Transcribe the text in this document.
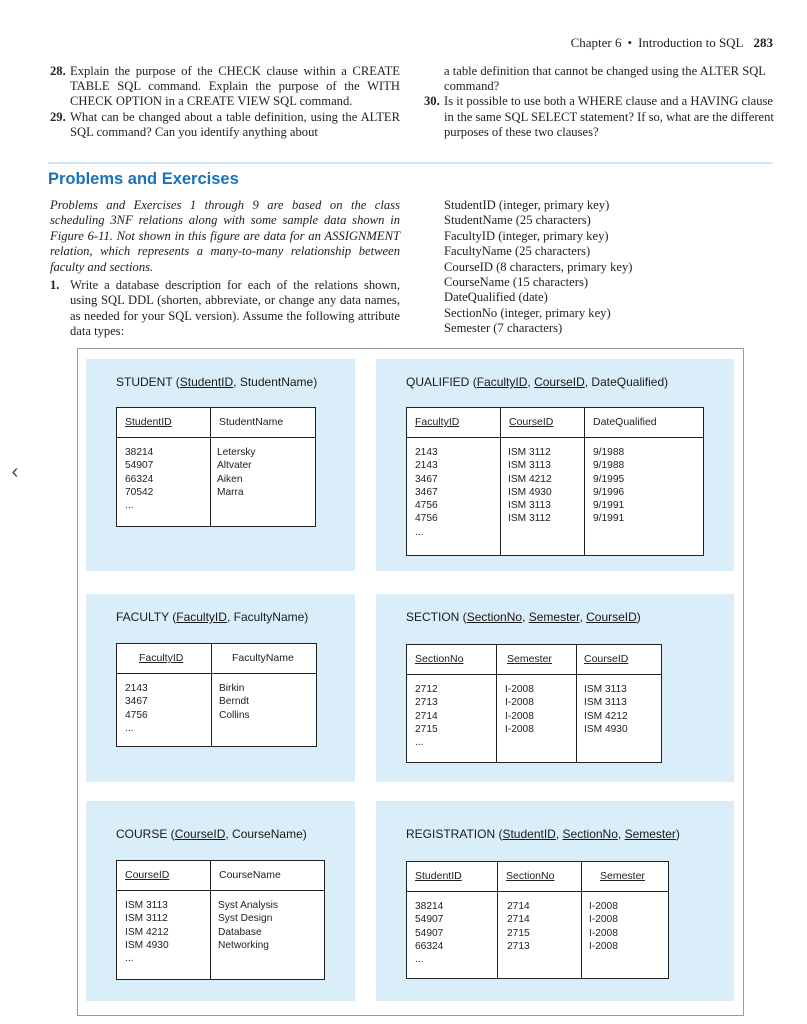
Chapter 6 • Introduction to SQL 283

28. Explain the purpose of the CHECK clause within a CREATE TABLE SQL command. Explain the purpose of the WITH CHECK OPTION in a CREATE VIEW SQL command.

29. What can be changed about a table definition, using the ALTER SQL command? Can you identify anything about

a table definition that cannot be changed using the ALTER SQL command?

30. Is it possible to use both a WHERE clause and a HAVING clause in the same SQL SELECT statement? If so, what are the different purposes of these two clauses?

Problems and Exercises
Problems and Exercises 1 through 9 are based on the class scheduling 3NF relations along with some sample data shown in Figure 6-11. Not shown in this figure are data for an ASSIGNMENT relation, which represents a many-to-many relationship between faculty and sections.

1. Write a database description for each of the relations shown, using SQL DDL (shorten, abbreviate, or change any data names, as needed for your SQL version). Assume the following attribute data types:

StudentID (integer, primary key)
StudentName (25 characters)
FacultyID (integer, primary key)
FacultyName (25 characters)
CourseID (8 characters, primary key)
CourseName (15 characters)
DateQualified (date)
SectionNo (integer, primary key)
Semester (7 characters)
STUDENT (StudentID, StudentName)
StudentID
38214
54907
66324
70542
...
StudentName
Letersky
Altvater
Aiken
Marra
QUALIFIED (FacultyID, CourseID, DateQualified)
FacultyID
2143
2143
3467
3467
4756
4756
...
CourseID
ISM 3112
ISM 3113
ISM 4212
ISM 4930
ISM 3113
ISM 3112
DateQualified
9/1988
9/1988
9/1995
9/1996
9/1991
9/1991
FACULTY (FacultyID, FacultyName)
FacultyID
2143
3467
4756
...
FacultyName
Birkin
Berndt
Collins
SECTION (SectionNo, Semester, CourseID)
SectionNo
2712
2713
2714
2715
...
Semester
I-2008
I-2008
I-2008
I-2008
CourseID
ISM 3113
ISM 3113
ISM 4212
ISM 4930
COURSE (CourseID, CourseName)
CourseID
ISM 3113
ISM 3112
ISM 4212
ISM 4930
...
CourseName
Syst Analysis
Syst Design
Database
Networking
REGISTRATION (StudentID, SectionNo, Semester)
StudentID
38214
54907
54907
66324
...
SectionNo
2714
2714
2715
2713
Semester
I-2008
I-2008
I-2008
I-2008
‹
